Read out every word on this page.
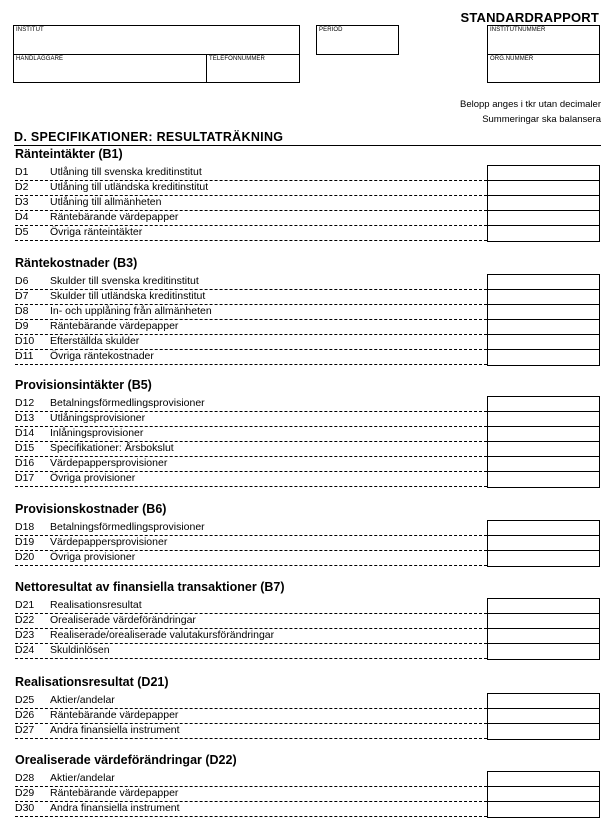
STANDARDRAPPORT
INSTITUT
HANDLÄGGARE	TELEFONNUMMER
PERIOD	INSTITUTNUMMER
ORG.NUMMER
Belopp anges i tkr utan decimaler
Summeringar ska balansera
D. SPECIFIKATIONER: RESULTATRÄKNING
Ränteintäkter (B1)
D1 Utlåning till svenska kreditinstitut
D2 Utlåning till utländska kreditinstitut
D3 Utlåning till allmänheten
D4 Räntebärande värdepapper
D5 Övriga ränteintäkter
Räntekostnader (B3)
D6 Skulder till svenska kreditinstitut
D7 Skulder till utländska kreditinstitut
D8 In- och upplåning från allmänheten
D9 Räntebärande värdepapper
D10 Efterställda skulder
D11 Övriga räntekostnader
Provisionsintäkter (B5)
D12 Betalningsförmedlingsprovisioner
D13 Utlåningsprovisioner
D14 Inlåningsprovisioner
D15 Specifikationer: Årsbokslut
D16 Värdepappersprovisioner
D17 Övriga provisioner
Provisionskostnader (B6)
D18 Betalningsförmedlingsprovisioner
D19 Värdepappersprovisioner
D20 Övriga provisioner
Nettoresultat av finansiella transaktioner (B7)
D21 Realisationsresultat
D22 Orealiserade värdeförändringar
D23 Realiserade/orealiserade valutakursförändringar
D24 Skuldinlösen
Realisationsresultat (D21)
D25 Aktier/andelar
D26 Räntebärande värdepapper
D27 Andra finansiella instrument
Orealiserade värdeförändringar (D22)
D28 Aktier/andelar
D29 Räntebärande värdepapper
D30 Andra finansiella instrument
